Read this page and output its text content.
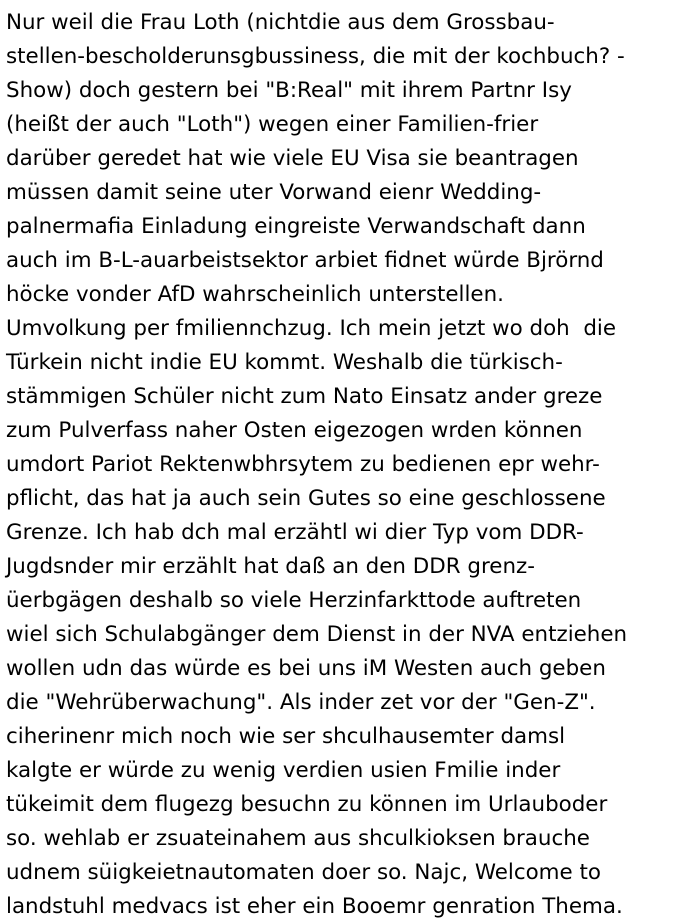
Nur weil die Frau Loth (nichtdie aus dem Grossbau-
stellen-bescholderunsgbussiness, die mit der kochbuch? -
Show) doch gestern bei "B:Real" mit ihrem Partnr Isy
(heißt der auch "Loth") wegen einer Familien-frier
darüber geredet hat wie viele EU Visa sie beantragen
müssen damit seine uter Vorwand eienr Wedding-
palnermafia Einladung eingreiste Verwandschaft dann
auch im B-L-auarbeistsektor arbiet fidnet würde Bjrörnd
höcke vonder AfD wahrscheinlich unterstellen.
Umvolkung per fmiliennchzug. Ich mein jetzt wo doh  die
Türkein nicht indie EU kommt. Weshalb die türkisch-
stämmigen Schüler nicht zum Nato Einsatz ander greze
zum Pulverfass naher Osten eigezogen wrden können
umdort Pariot Rektenwbhrsytem zu bedienen epr wehr-
pflicht, das hat ja auch sein Gutes so eine geschlossene
Grenze. Ich hab dch mal erzähtl wi dier Typ vom DDR-
Jugdsnder mir erzählt hat daß an den DDR grenz-
üerbgägen deshalb so viele Herzinfarkttode auftreten
wiel sich Schulabgänger dem Dienst in der NVA entziehen
wollen udn das würde es bei uns iM Westen auch geben
die "Wehrüberwachung". Als inder zet vor der "Gen-Z".
ciherinenr mich noch wie ser shculhausemter damsl
kalgte er würde zu wenig verdien usien Fmilie inder
tükeimit dem flugezg besuchn zu können im Urlauboder
so. wehlab er zsuateinahem aus shculkioksen brauche
udnem süigkeietnautomaten doer so. Najc, Welcome to
landstuhl medvacs ist eher ein Booemr genration Thema.
